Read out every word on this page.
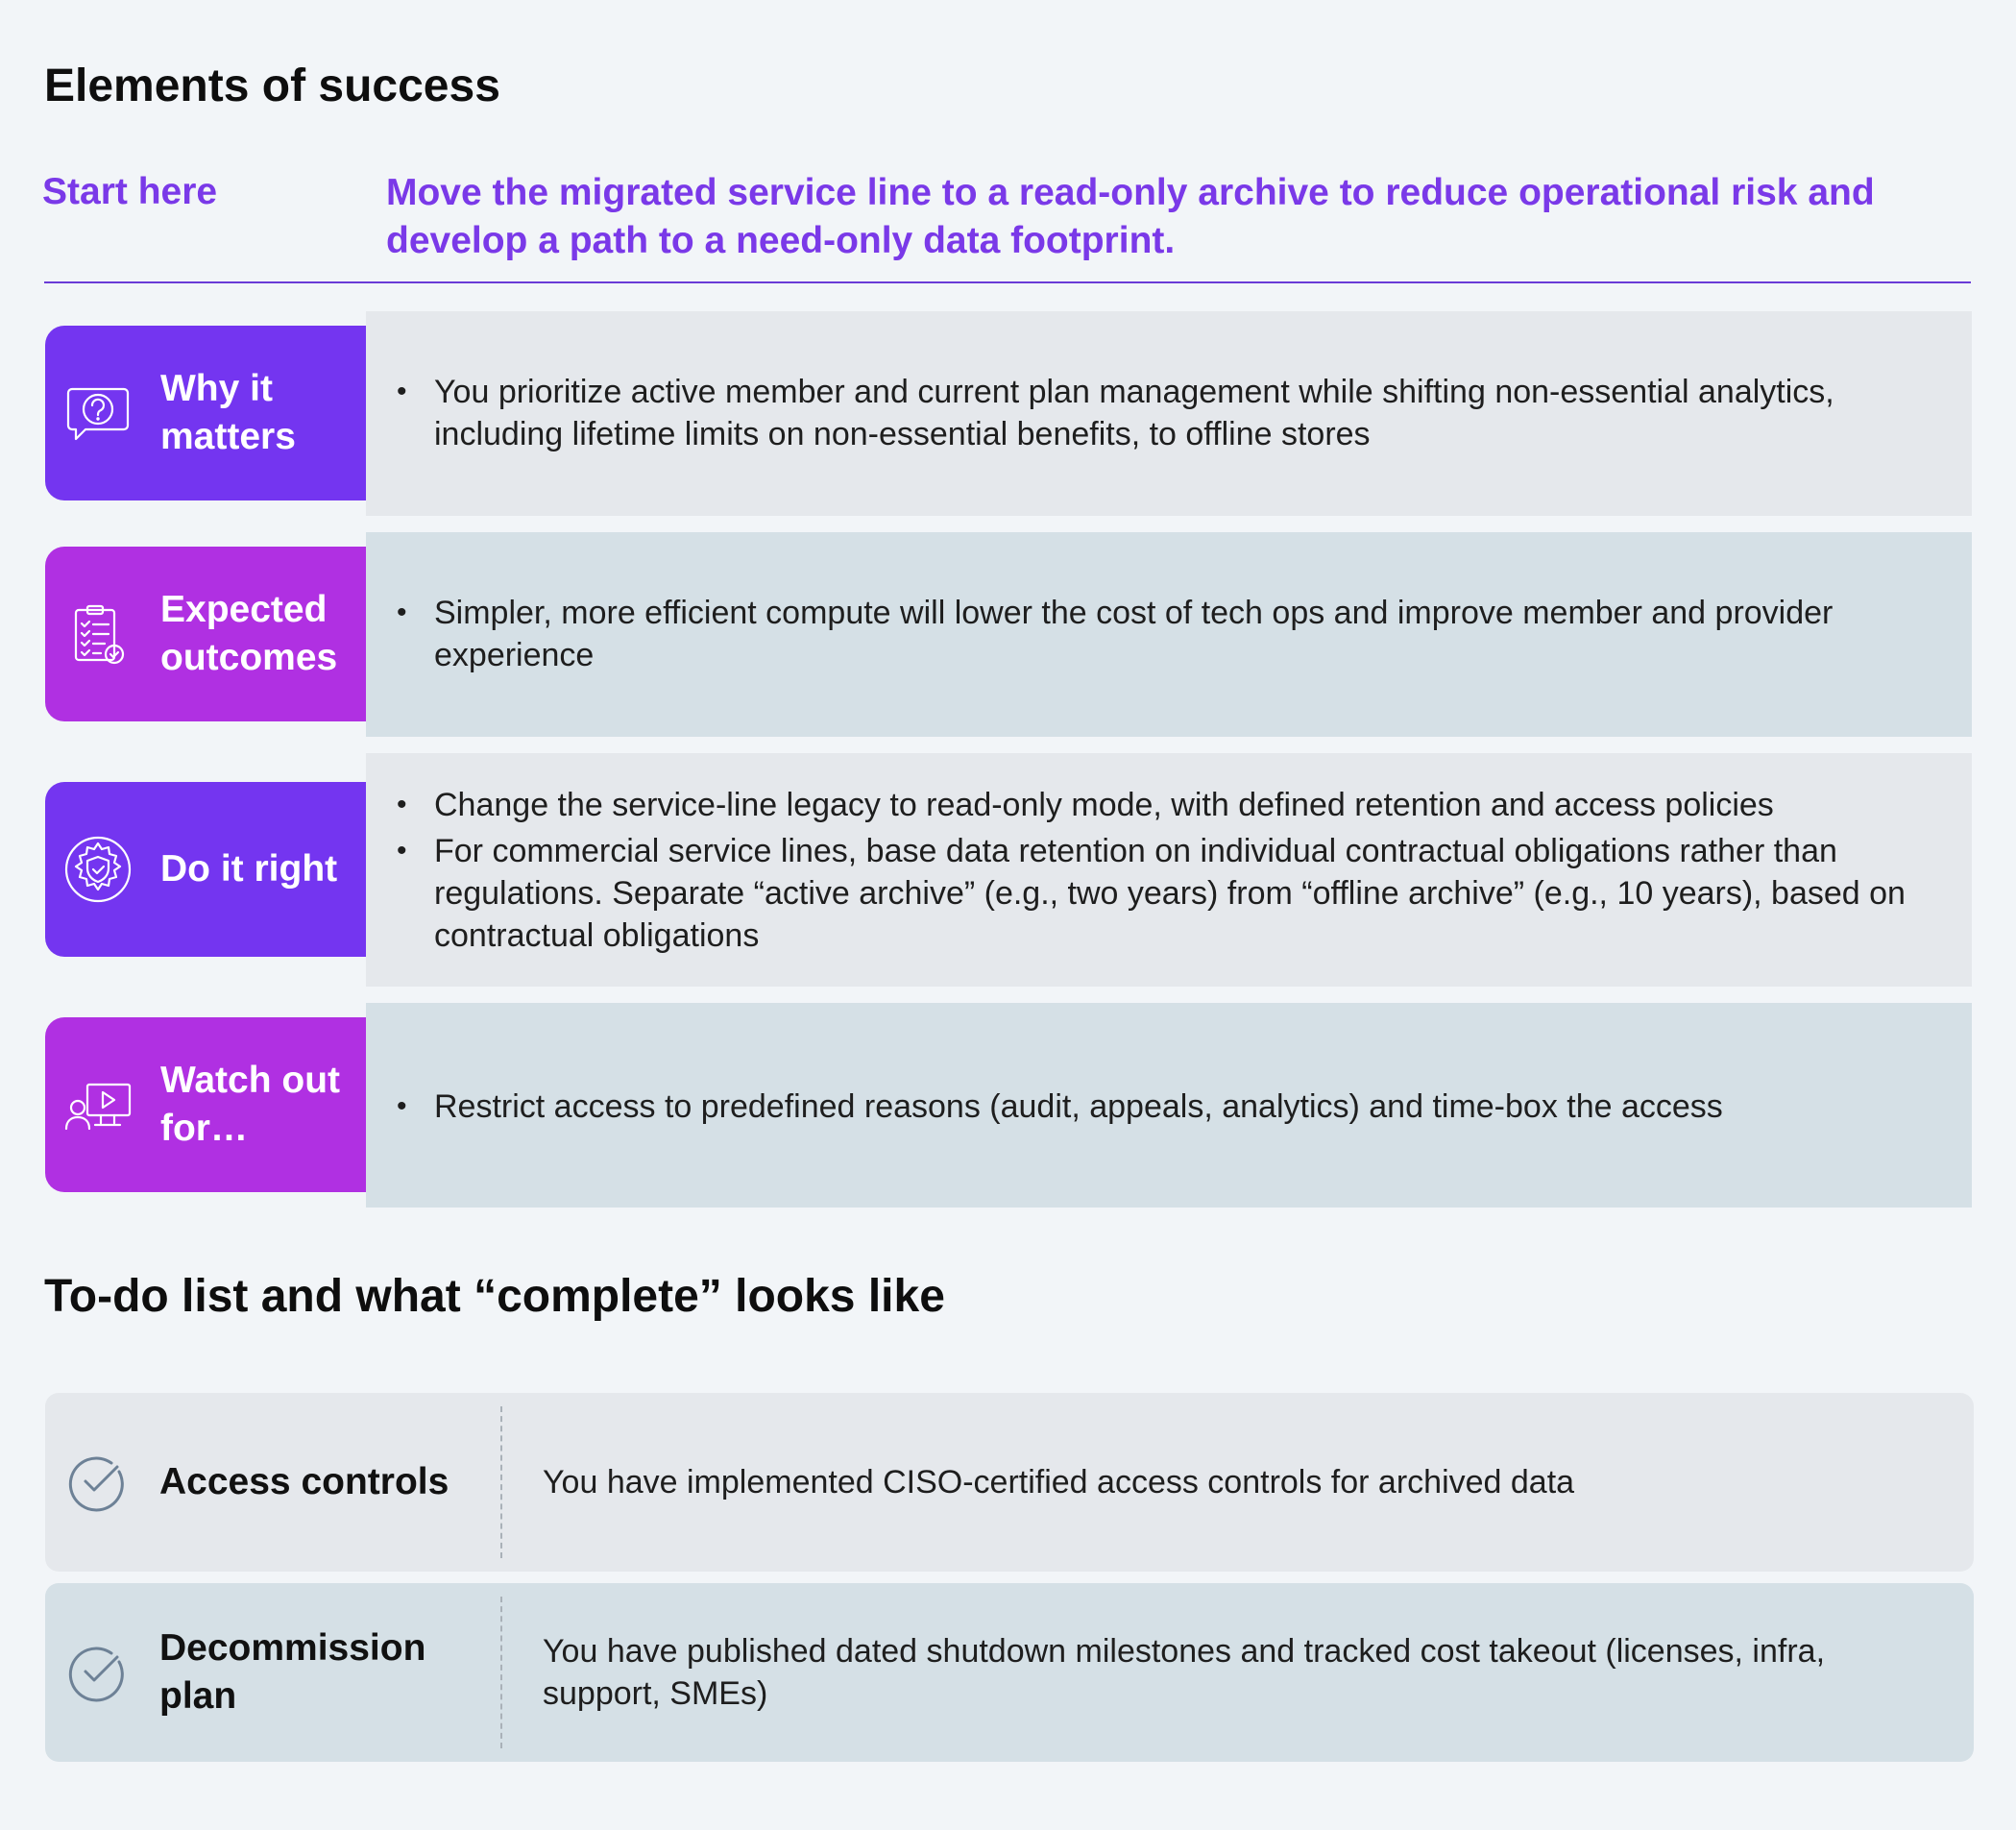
Elements of success
Start here	Move the migrated service line to a read-only archive to reduce operational risk and develop a path to a need-only data footprint.
Why it matters
• You prioritize active member and current plan management while shifting non-essential analytics, including lifetime limits on non-essential benefits, to offline stores
Expected outcomes
• Simpler, more efficient compute will lower the cost of tech ops and improve member and provider experience
Do it right
• Change the service-line legacy to read-only mode, with defined retention and access policies
• For commercial service lines, base data retention on individual contractual obligations rather than regulations. Separate “active archive” (e.g., two years) from “offline archive” (e.g., 10 years), based on contractual obligations
Watch out for…
• Restrict access to predefined reasons (audit, appeals, analytics) and time-box the access
To-do list and what “complete” looks like
Access controls	You have implemented CISO-certified access controls for archived data
Decommission plan
You have published dated shutdown milestones and tracked cost takeout (licenses, infra, support, SMEs)
